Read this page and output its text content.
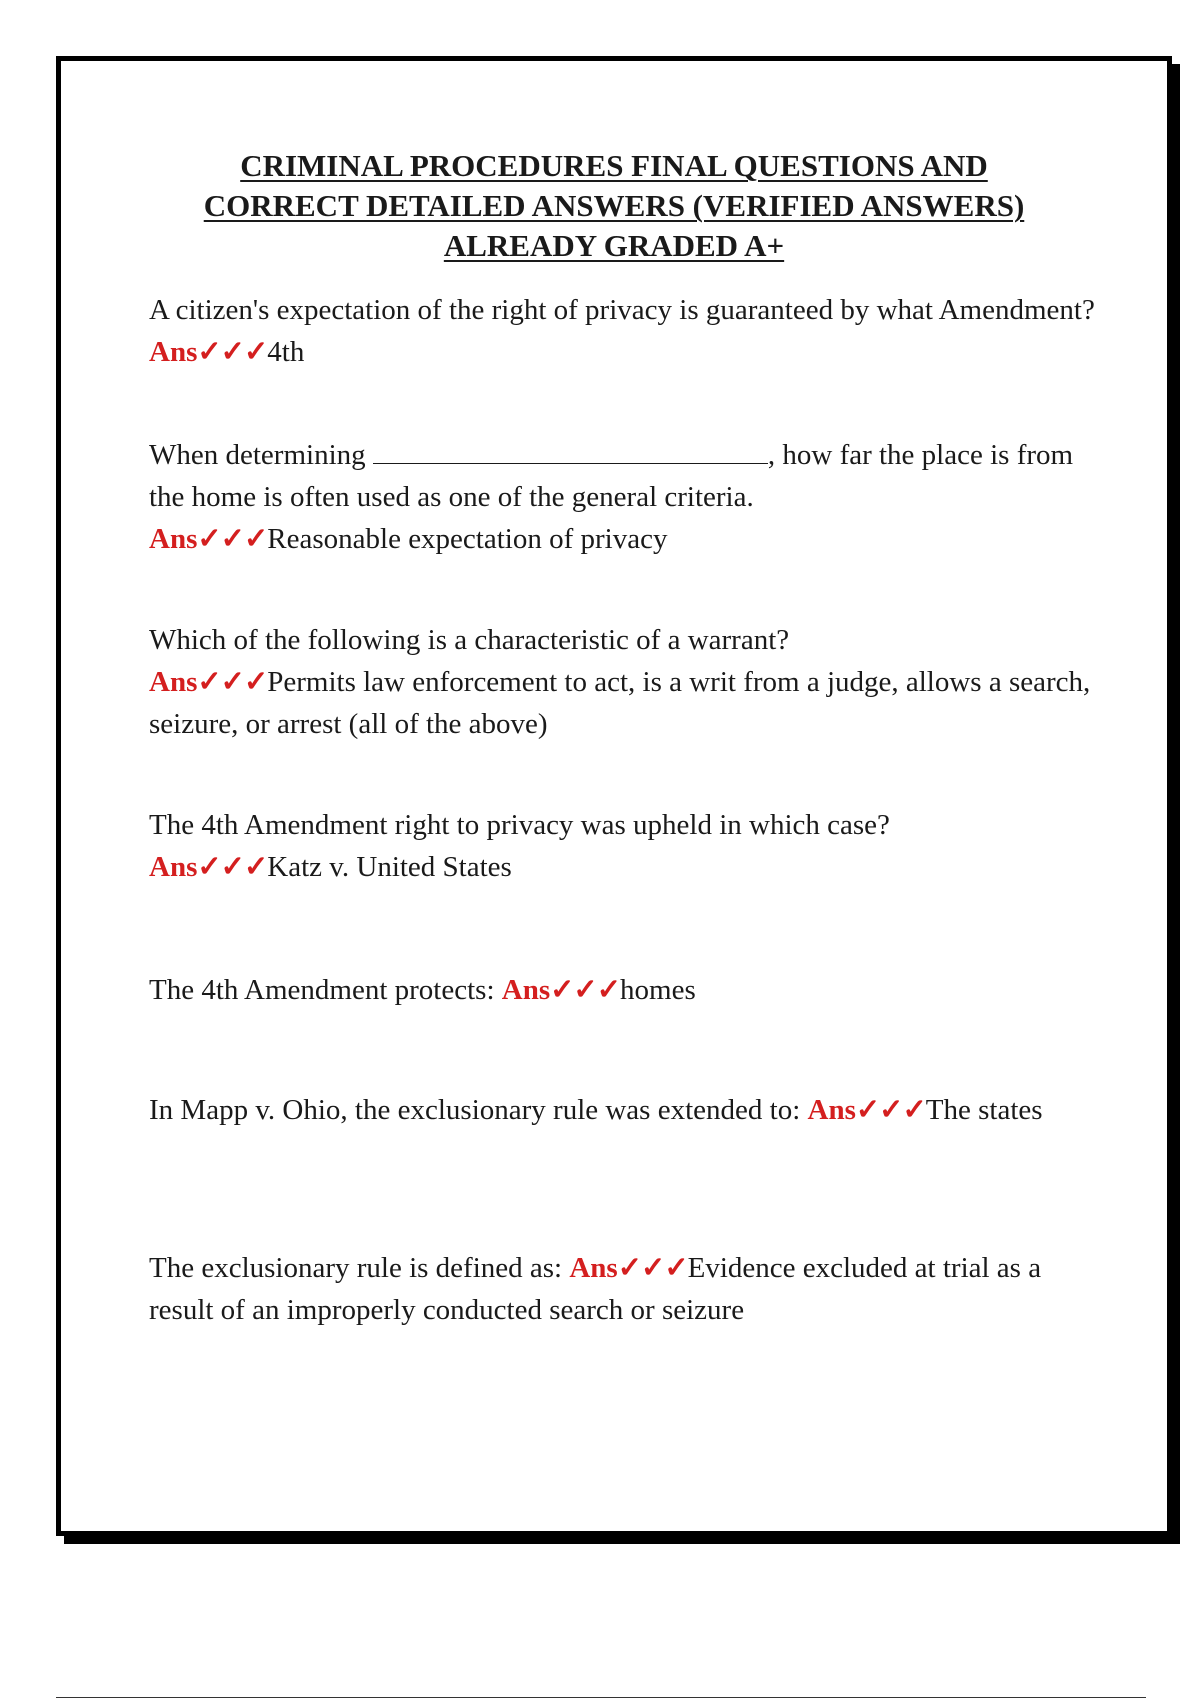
CRIMINAL PROCEDURES FINAL QUESTIONS AND
CORRECT DETAILED ANSWERS (VERIFIED ANSWERS)
ALREADY GRADED A+
A citizen's expectation of the right of privacy is guaranteed by what Amendment? Ans✓✓✓4th
When determining	, how far the place is from the home is often used as one of the general criteria.
Ans✓✓✓Reasonable expectation of privacy
Which of the following is a characteristic of a warrant?
Ans✓✓✓Permits law enforcement to act, is a writ from a judge, allows a search, seizure, or arrest (all of the above)
The 4th Amendment right to privacy was upheld in which case?
Ans✓✓✓Katz v. United States
The 4th Amendment protects: Ans✓✓✓homes
In Mapp v. Ohio, the exclusionary rule was extended to: Ans✓✓✓The states
The exclusionary rule is defined as: Ans✓✓✓Evidence excluded at trial as a result of an improperly conducted search or seizure
